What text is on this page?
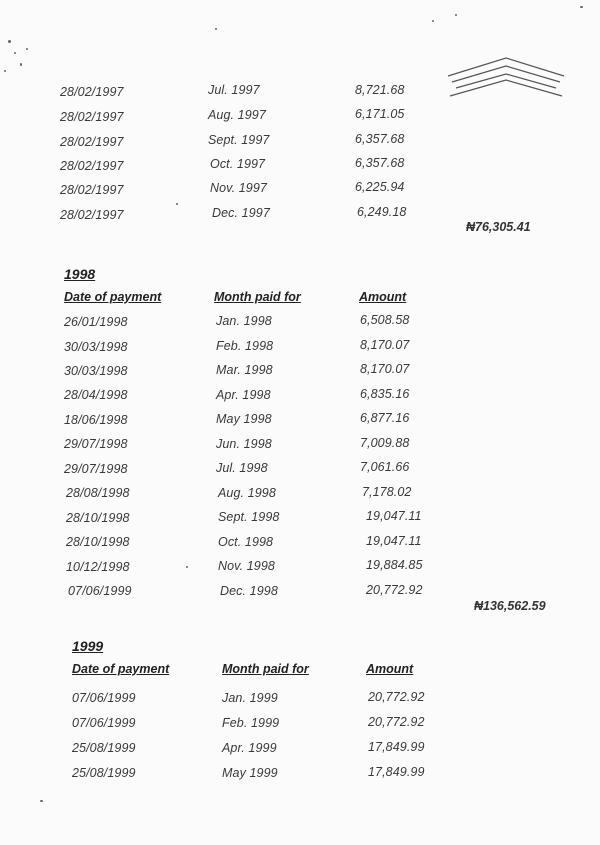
28/02/1997	Jul. 1997	8,721.68
28/02/1997	Aug. 1997	6,171.05
28/02/1997	Sept. 1997	6,357.68
28/02/1997	Oct. 1997	6,357.68
28/02/1997	Nov. 1997	6,225.94
28/02/1997	Dec. 1997	6,249.18
₦76,305.41
1998
Date of payment	Month paid for	Amount
26/01/1998	Jan. 1998	6,508.58
30/03/1998	Feb. 1998	8,170.07
30/03/1998	Mar. 1998	8,170.07
28/04/1998	Apr. 1998	6,835.16
18/06/1998	May 1998	6,877.16
29/07/1998	Jun. 1998	7,009.88
29/07/1998	Jul. 1998	7,061.66
28/08/1998	Aug. 1998	7,178.02
28/10/1998	Sept. 1998	19,047.11
28/10/1998	Oct. 1998	19,047.11
10/12/1998	Nov. 1998	19,884.85
07/06/1999	Dec. 1998	20,772.92
₦136,562.59
1999
Date of payment	Month paid for	Amount
07/06/1999	Jan. 1999	20,772.92
07/06/1999	Feb. 1999	20,772.92
25/08/1999	Apr. 1999	17,849.99
25/08/1999	May 1999	17,849.99
